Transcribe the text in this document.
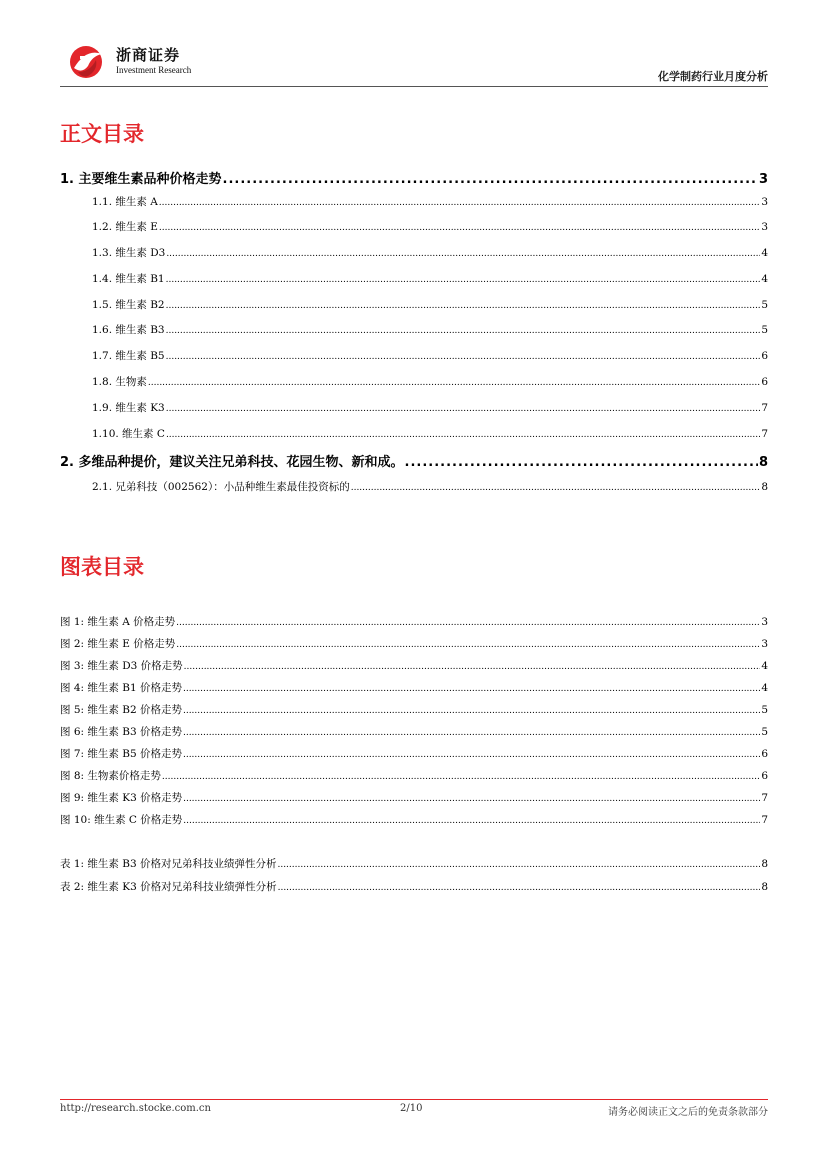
浙商证券
Investment Research	化学制药行业月度分析
正文目录
1. 主要维生素品种价格走势 .....	3
1.1. 维生素 A .....	3
1.2. 维生素 E .....	3
1.3. 维生素 D3 .....	4
1.4. 维生素 B1 .....	4
1.5. 维生素 B2 .....	5
1.6. 维生素 B3 .....	5
1.7. 维生素 B5 .....	6
1.8. 生物素 .....	6
1.9. 维生素 K3 .....	7
1.10. 维生素 C .....	7
2. 多维品种提价，建议关注兄弟科技、花园生物、新和成。 .....	8
2.1. 兄弟科技（002562）：小品种维生素最佳投资标的 .....	8
图表目录
图 1: 维生素 A 价格走势 .....	3
图 2: 维生素 E 价格走势 .....	3
图 3: 维生素 D3 价格走势 .....	4
图 4: 维生素 B1 价格走势 .....	4
图 5: 维生素 B2 价格走势 .....	5
图 6: 维生素 B3 价格走势 .....	5
图 7: 维生素 B5 价格走势 .....	6
图 8: 生物素价格走势 .....	6
图 9: 维生素 K3 价格走势 .....	7
图 10: 维生素 C 价格走势 .....	7
表 1: 维生素 B3 价格对兄弟科技业绩弹性分析 .....	8
表 2: 维生素 K3 价格对兄弟科技业绩弹性分析 .....	8
http://research.stocke.com.cn	2/10	请务必阅读正文之后的免责条款部分
